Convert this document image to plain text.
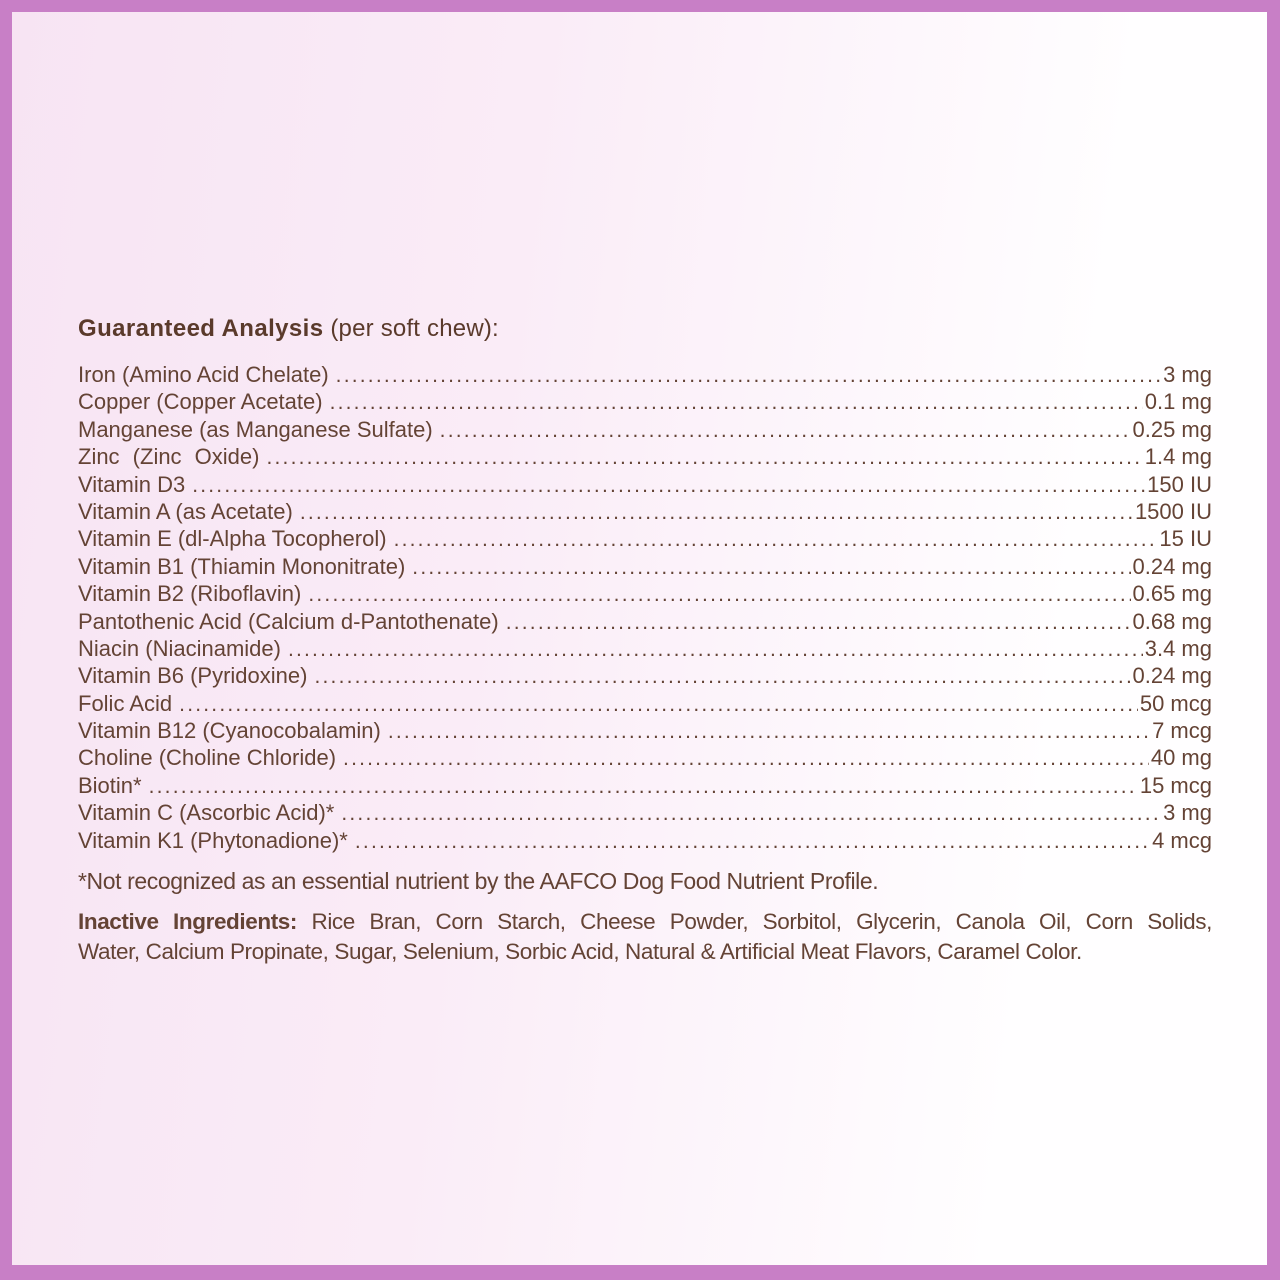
Guaranteed Analysis (per soft chew):
Iron (Amino Acid Chelate) .....	3 mg
Copper (Copper Acetate) .....	0.1 mg
Manganese (as Manganese Sulfate) .....	0.25 mg
Zinc (Zinc Oxide) .....	1.4 mg
Vitamin D3 .....	150 IU
Vitamin A (as Acetate) .....	1500 IU
Vitamin E (dl-Alpha Tocopherol) .....	15 IU
Vitamin B1 (Thiamin Mononitrate) .....	0.24 mg
Vitamin B2 (Riboflavin) .....	0.65 mg
Pantothenic Acid (Calcium d-Pantothenate) .....	0.68 mg
Niacin (Niacinamide) .....	3.4 mg
Vitamin B6 (Pyridoxine) .....	0.24 mg
Folic Acid .....	50 mcg
Vitamin B12 (Cyanocobalamin) .....	7 mcg
Choline (Choline Chloride) .....	40 mg
Biotin* .....	15 mcg
Vitamin C (Ascorbic Acid)* .....	3 mg
Vitamin K1 (Phytonadione)* .....	4 mcg
*Not recognized as an essential nutrient by the AAFCO Dog Food Nutrient Profile.
Inactive Ingredients: Rice Bran, Corn Starch, Cheese Powder, Sorbitol, Glycerin, Canola Oil, Corn Solids,
Water, Calcium Propinate, Sugar, Selenium, Sorbic Acid, Natural & Artificial Meat Flavors, Caramel Color.
